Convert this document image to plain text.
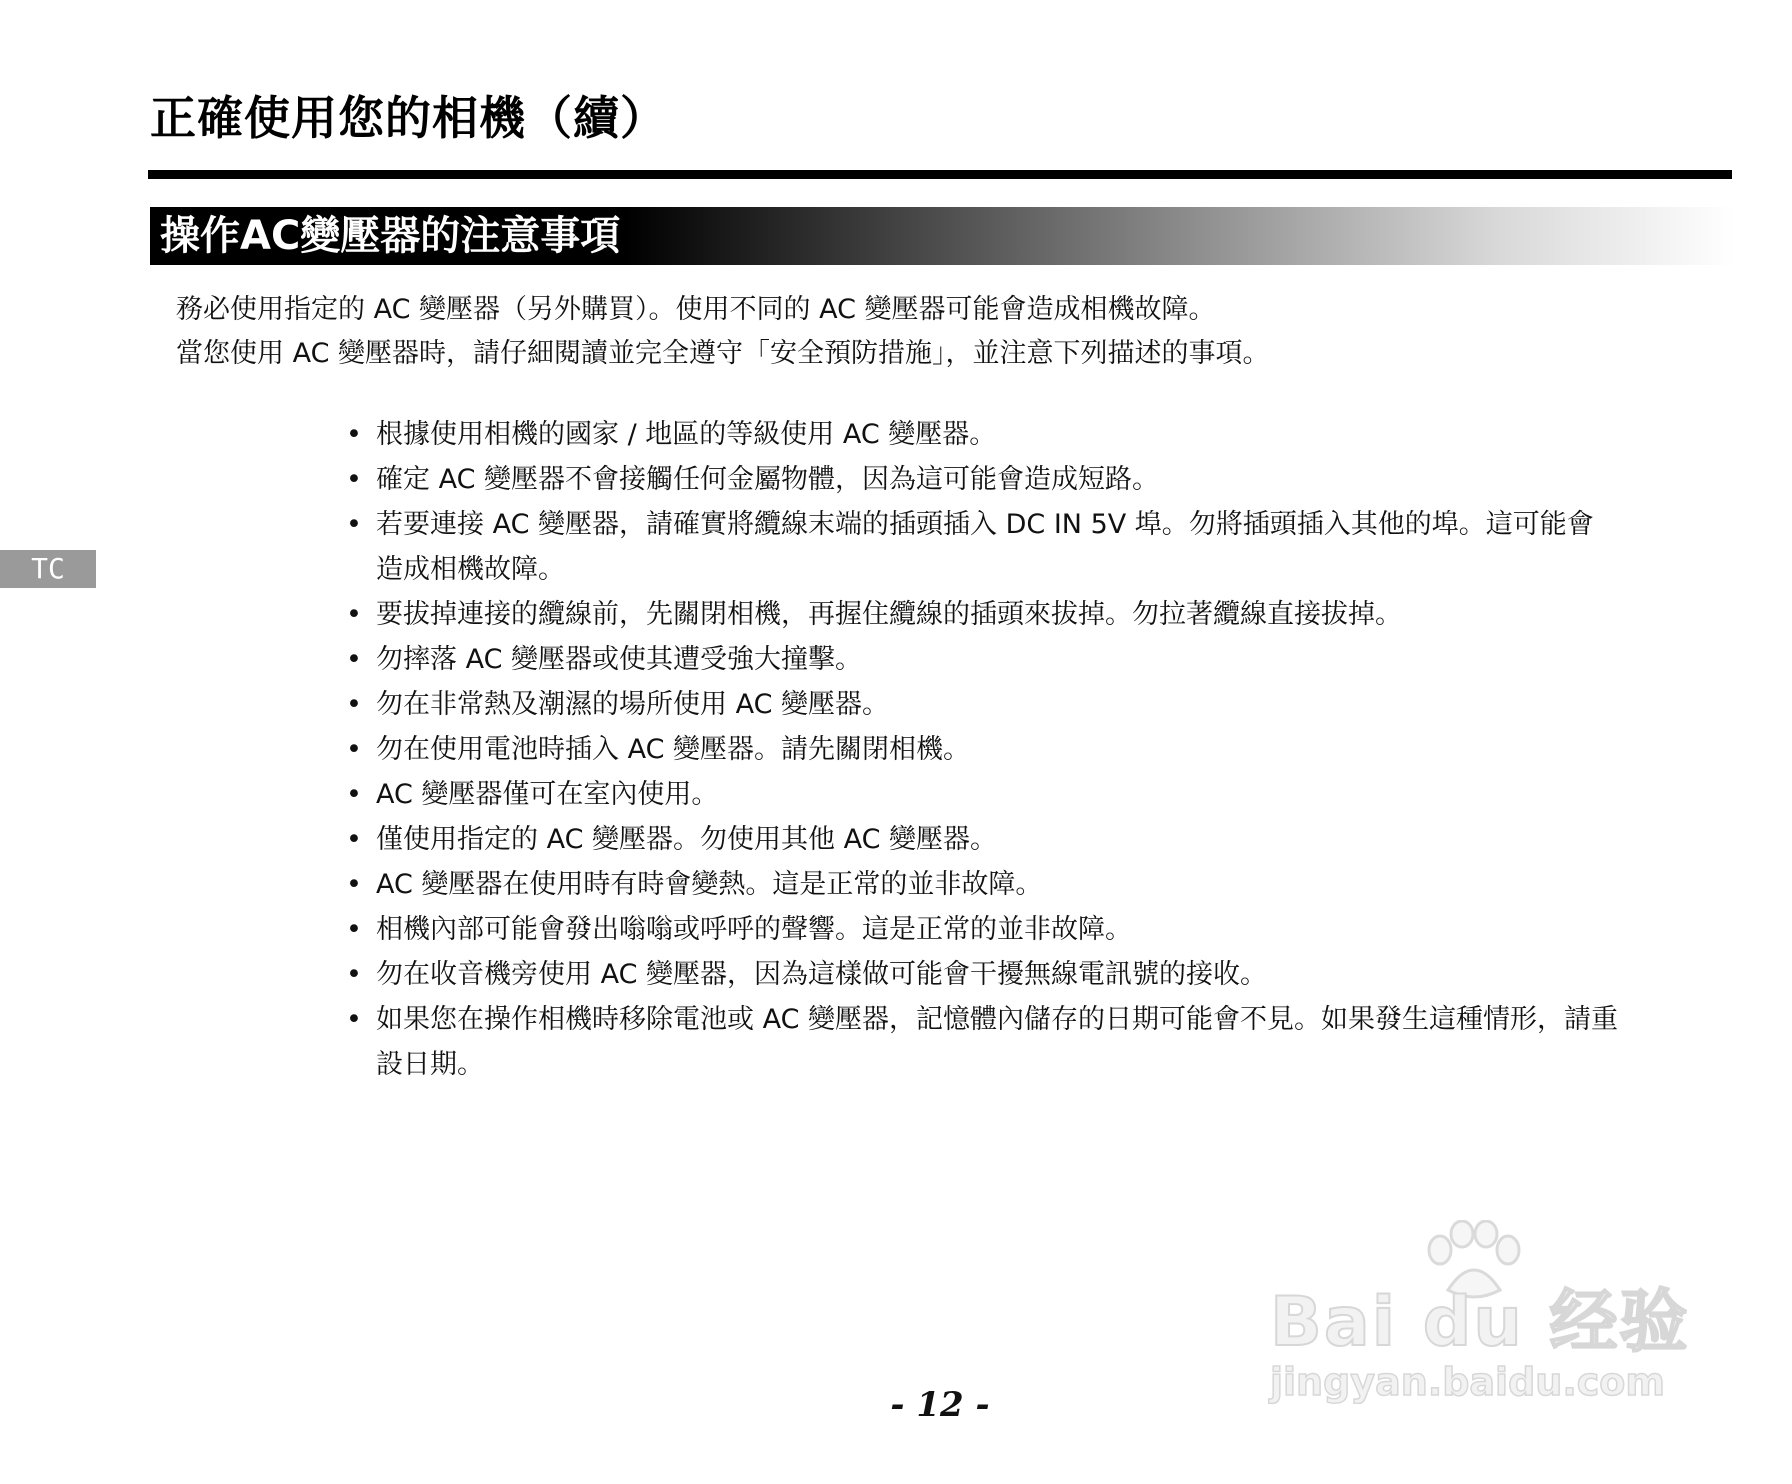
正確使用您的相機（續）
操作AC變壓器的注意事項

務必使用指定的 AC 變壓器（另外購買）。使用不同的 AC 變壓器可能會造成相機故障。

當您使用 AC 變壓器時，請仔細閱讀並完全遵守「安全預防措施」，並注意下列描述的事項。

• 根據使用相機的國家 / 地區的等級使用 AC 變壓器。
• 確定 AC 變壓器不會接觸任何金屬物體，因為這可能會造成短路。
• 若要連接 AC 變壓器，請確實將纜線末端的插頭插入 DC IN 5V 埠。勿將插頭插入其他的埠。這可能會造成相機故障。
• 要拔掉連接的纜線前，先關閉相機，再握住纜線的插頭來拔掉。勿拉著纜線直接拔掉。
• 勿摔落 AC 變壓器或使其遭受強大撞擊。
• 勿在非常熱及潮濕的場所使用 AC 變壓器。
• 勿在使用電池時插入 AC 變壓器。請先關閉相機。
• AC 變壓器僅可在室內使用。
• 僅使用指定的 AC 變壓器。勿使用其他 AC 變壓器。
• AC 變壓器在使用時有時會變熱。這是正常的並非故障。
• 相機內部可能會發出嗡嗡或呼呼的聲響。這是正常的並非故障。
• 勿在收音機旁使用 AC 變壓器，因為這樣做可能會干擾無線電訊號的接收。
• 如果您在操作相機時移除電池或 AC 變壓器，記憶體內儲存的日期可能會不見。如果發生這種情形，請重設日期。
TC
- 12 -
Bai du 经验
jingyan.baidu.com
